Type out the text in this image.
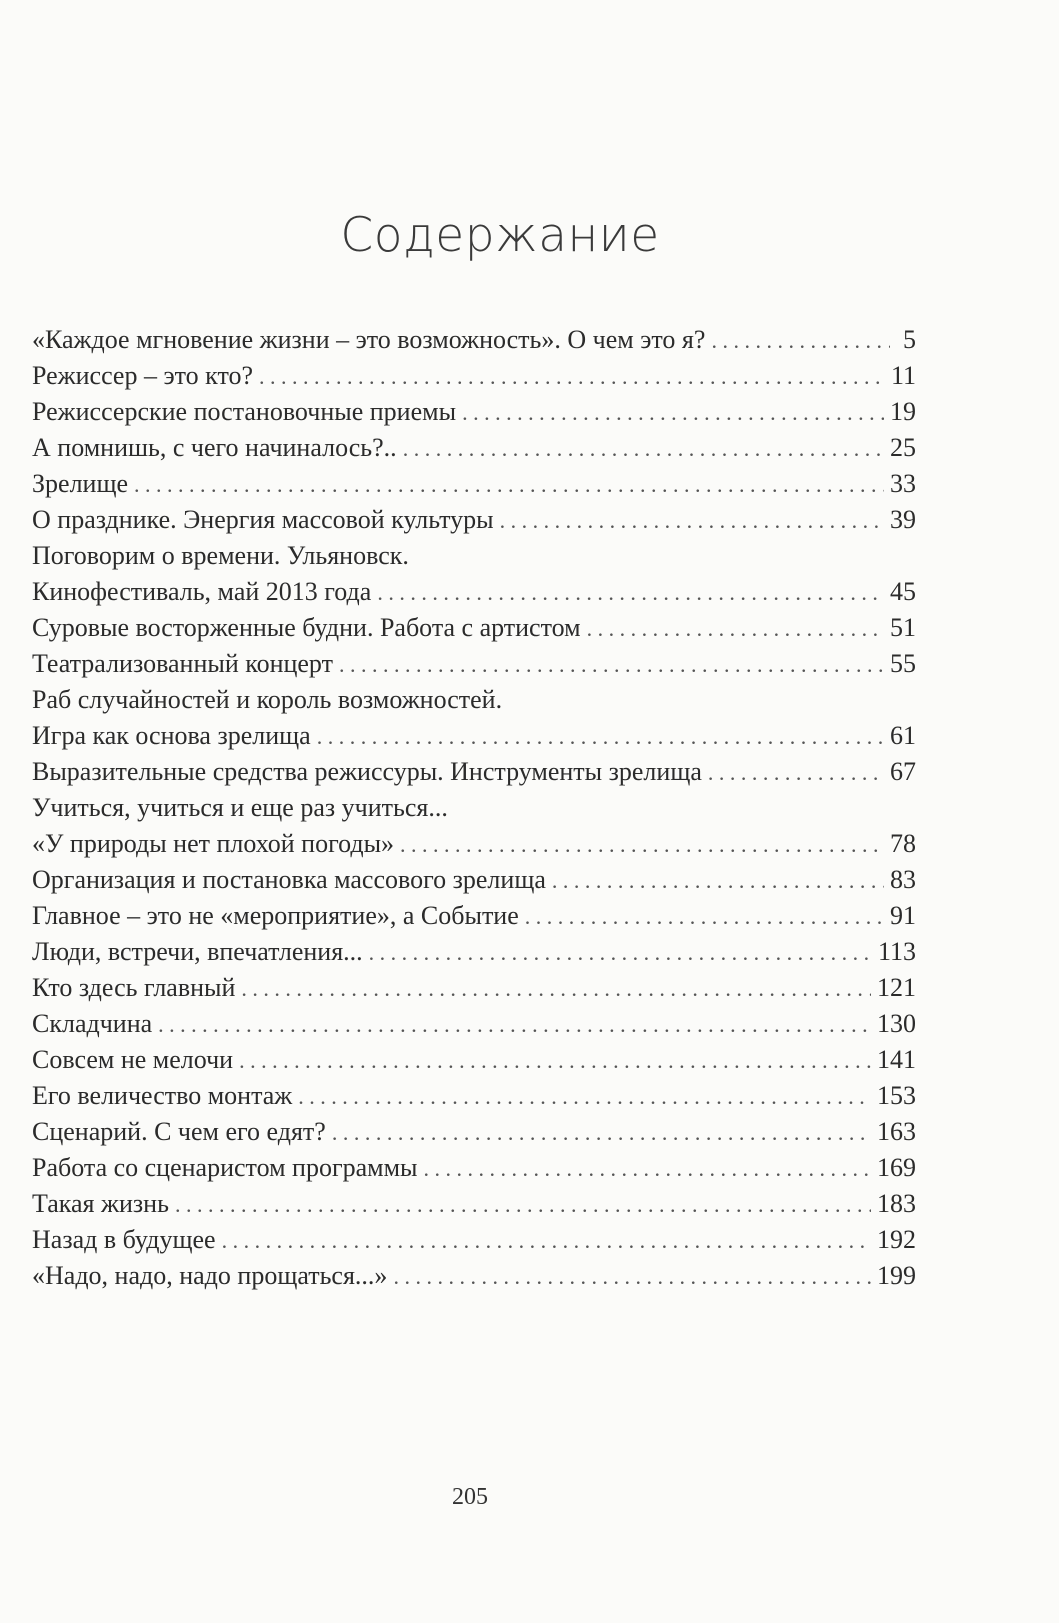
Содержание
«Каждое мгновение жизни – это возможность». О чем это я? . . .	5
Режиссер – это кто? . . .	11
Режиссерские постановочные приемы . . .	19
А помнишь, с чего начиналось?.. . . .	25
Зрелище . . .	33
О празднике. Энергия массовой культуры . . .	39
Поговорим о времени. Ульяновск.
Кинофестиваль, май 2013 года . . .	45
Суровые восторженные будни. Работа с артистом . . .	51
Театрализованный концерт . . .	55
Раб случайностей и король возможностей.
Игра как основа зрелища . . .	61
Выразительные средства режиссуры. Инструменты зрелища . . .	67
Учиться, учиться и еще раз учиться...
«У природы нет плохой погоды» . . .	78
Организация и постановка массового зрелища . . .	83
Главное – это не «мероприятие», а Событие . . .	91
Люди, встречи, впечатления... . . .	113
Кто здесь главный . . .	121
Складчина . . .	130
Совсем не мелочи . . .	141
Его величество монтаж . . .	153
Сценарий. С чем его едят? . . .	163
Работа со сценаристом программы . . .	169
Такая жизнь . . .	183
Назад в будущее . . .	192
«Надо, надо, надо прощаться...» . . .	199
205
